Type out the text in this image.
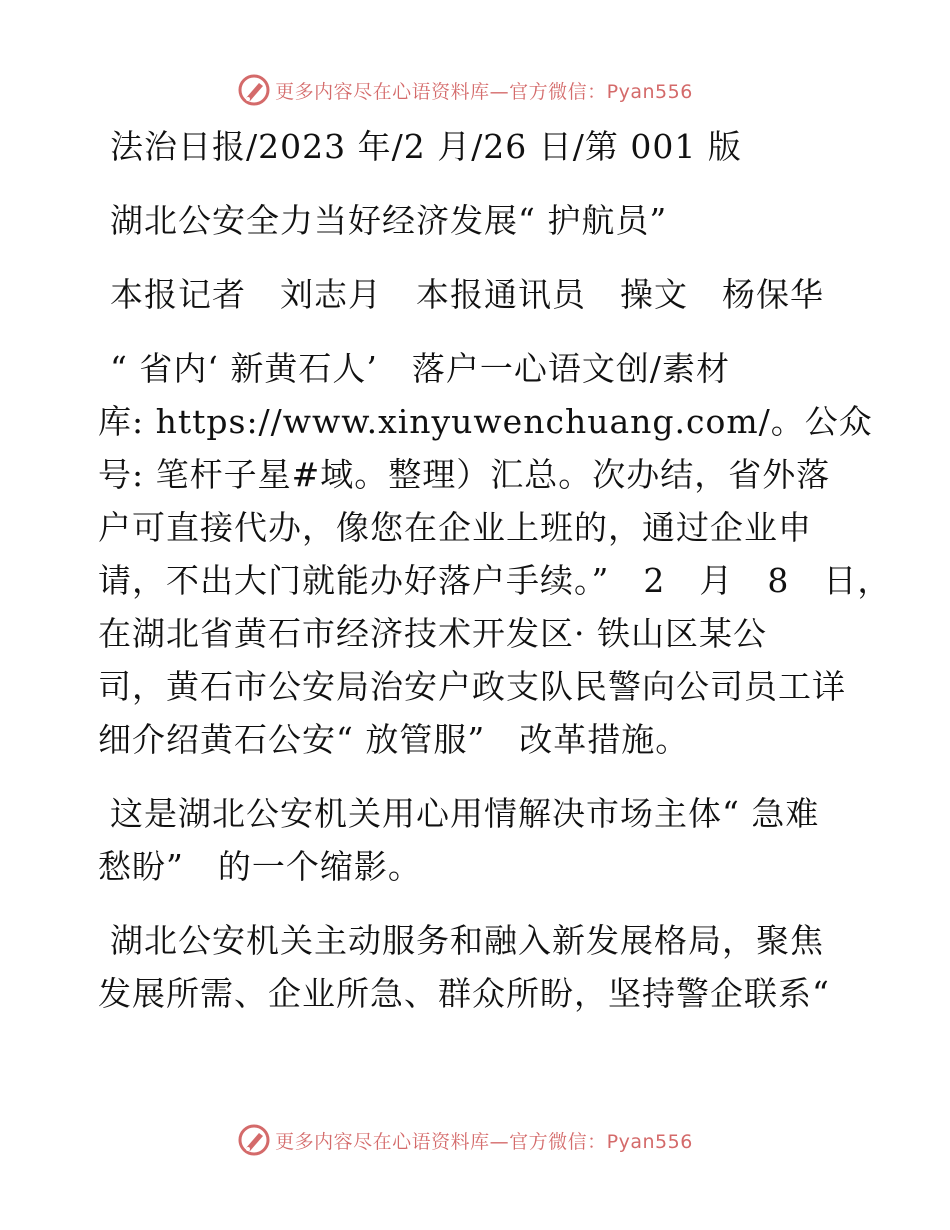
更多内容尽在心语资料库—官方微信：Pyan556
法治日报/2023 年/2 月/26 日/第 001 版
湖北公安全力当好经济发展“ 护航员”
本报记者　刘志月　本报通讯员　操文　杨保华
“ 省内‘ 新黄石人’　落户一心语文创/素材
库: https://www.xinyuwenchuang.com/。公众
号: 笔杆子星#域。整理）汇总。次办结，省外落
户可直接代办，像您在企业上班的，通过企业申
请，不出大门就能办好落户手续。”　2　月　8　日，
在湖北省黄石市经济技术开发区· 铁山区某公
司，黄石市公安局治安户政支队民警向公司员工详
细介绍黄石公安“ 放管服”　改革措施。
这是湖北公安机关用心用情解决市场主体“ 急难
愁盼”　的一个缩影。
湖北公安机关主动服务和融入新发展格局，聚焦
发展所需、企业所急、群众所盼，坚持警企联系“
更多内容尽在心语资料库—官方微信：Pyan556
